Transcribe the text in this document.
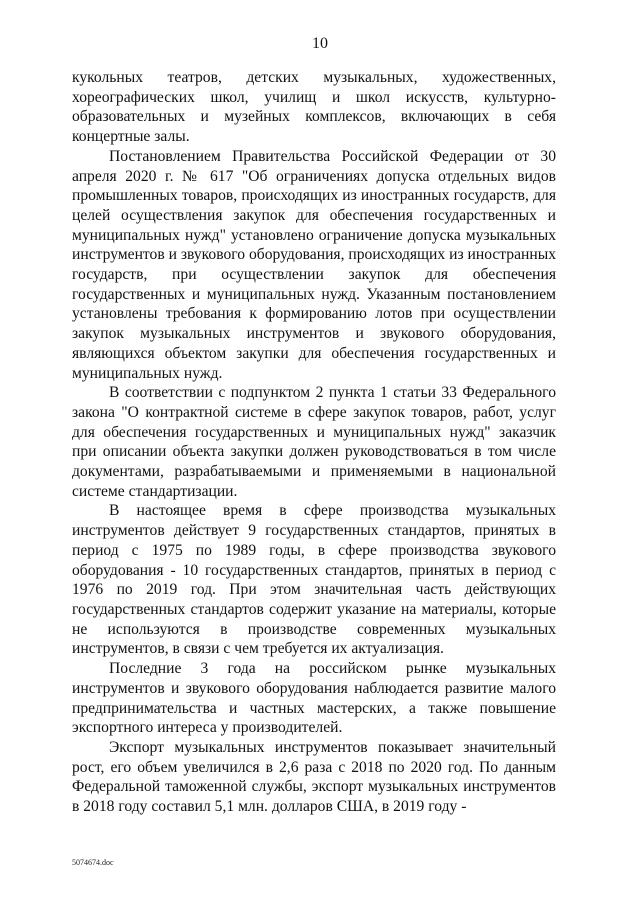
10

кукольных театров, детских музыкальных, художественных, хореографических школ, училищ и школ искусств, культурно-образовательных и музейных комплексов, включающих в себя концертные залы.

Постановлением Правительства Российской Федерации от 30 апреля 2020 г. № 617 "Об ограничениях допуска отдельных видов промышленных товаров, происходящих из иностранных государств, для целей осуществления закупок для обеспечения государственных и муниципальных нужд" установлено ограничение допуска музыкальных инструментов и звукового оборудования, происходящих из иностранных государств, при осуществлении закупок для обеспечения государственных и муниципальных нужд. Указанным постановлением установлены требования к формированию лотов при осуществлении закупок музыкальных инструментов и звукового оборудования, являющихся объектом закупки для обеспечения государственных и муниципальных нужд.

В соответствии с подпунктом 2 пункта 1 статьи 33 Федерального закона "О контрактной системе в сфере закупок товаров, работ, услуг для обеспечения государственных и муниципальных нужд" заказчик при описании объекта закупки должен руководствоваться в том числе документами, разрабатываемыми и применяемыми в национальной системе стандартизации.

В настоящее время в сфере производства музыкальных инструментов действует 9 государственных стандартов, принятых в период с 1975 по 1989 годы, в сфере производства звукового оборудования - 10 государственных стандартов, принятых в период с 1976 по 2019 год. При этом значительная часть действующих государственных стандартов содержит указание на материалы, которые не используются в производстве современных музыкальных инструментов, в связи с чем требуется их актуализация.

Последние 3 года на российском рынке музыкальных инструментов и звукового оборудования наблюдается развитие малого предпринимательства и частных мастерских, а также повышение экспортного интереса у производителей.

Экспорт музыкальных инструментов показывает значительный рост, его объем увеличился в 2,6 раза с 2018 по 2020 год. По данным Федеральной таможенной службы, экспорт музыкальных инструментов в 2018 году составил 5,1 млн. долларов США, в 2019 году -

5074674.doc
